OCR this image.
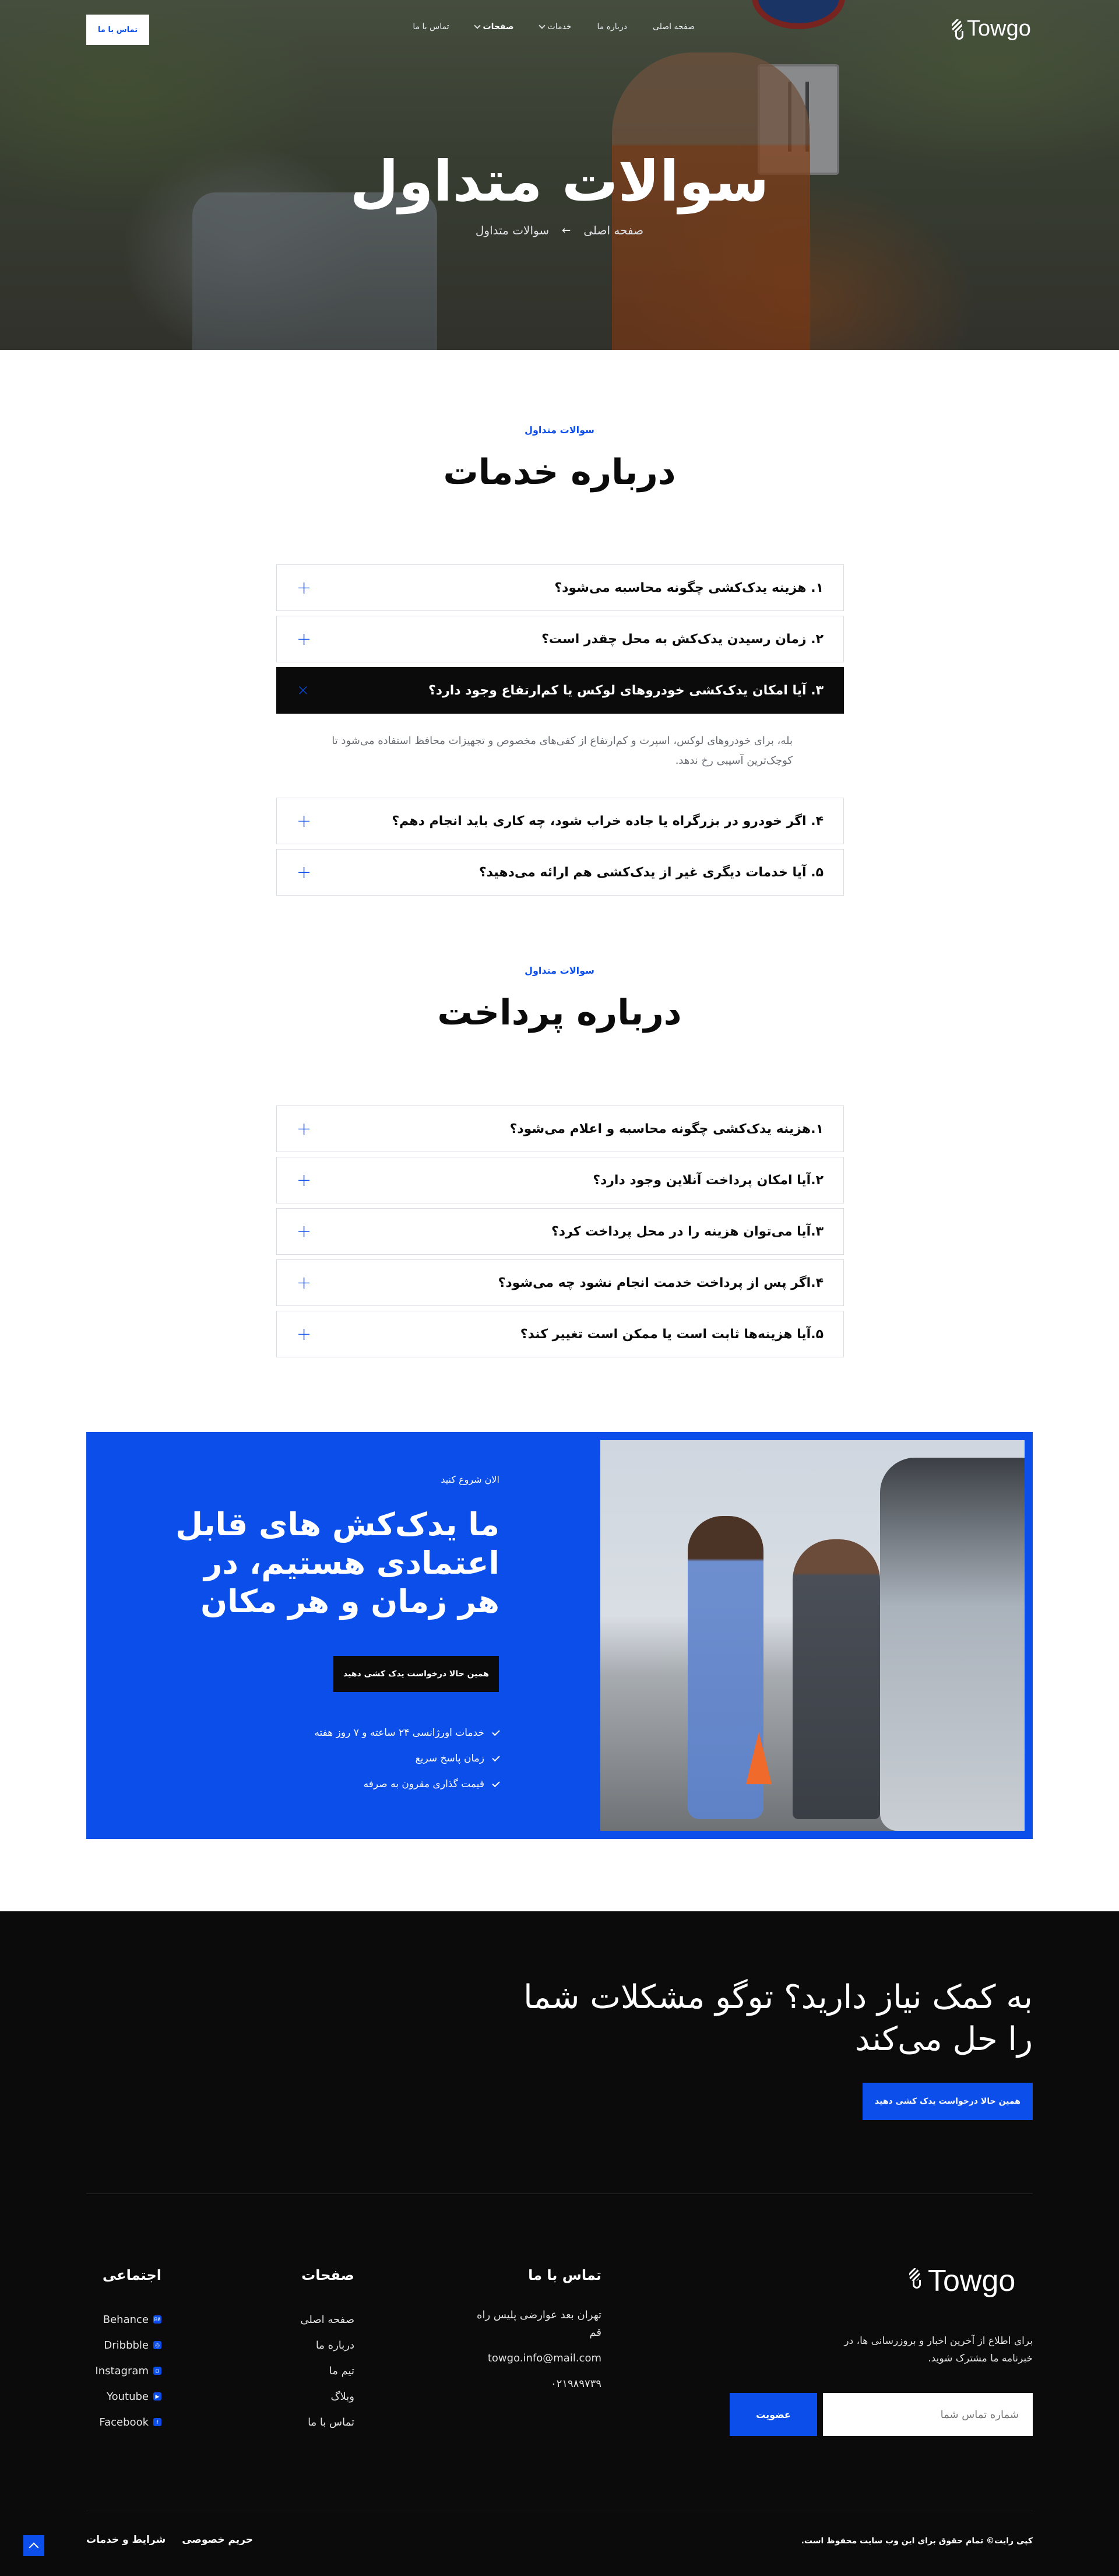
Towgo
صفحه اصلی
درباره ما
خدمات
صفحات
تماس با ما
تماس با ما
سوالات متداول
صفحه اصلی
←
سوالات متداول
سوالات متداول
درباره خدمات
۱. هزینه یدک‌کشی چگونه محاسبه می‌شود؟
+
۲. زمان رسیدن یدک‌کش به محل چقدر است؟
+
۳. آیا امکان یدک‌کشی خودروهای لوکس یا کم‌ارتفاع وجود دارد؟
×
بله، برای خودروهای لوکس، اسپرت و کم‌ارتفاع از کفی‌های مخصوص و تجهیزات محافظ استفاده می‌شود تا کوچک‌ترین آسیبی رخ ندهد.
۴. اگر خودرو در بزرگراه یا جاده خراب شود، چه کاری باید انجام دهم؟
+
۵. آیا خدمات دیگری غیر از یدک‌کشی هم ارائه می‌دهید؟
+
سوالات متداول
درباره پرداخت
۱.هزینه یدک‌کشی چگونه محاسبه و اعلام می‌شود؟
+
۲.آیا امکان پرداخت آنلاین وجود دارد؟
+
۳.آیا می‌توان هزینه را در محل پرداخت کرد؟
+
۴.اگر پس از پرداخت خدمت انجام نشود چه می‌شود؟
+
۵.آیا هزینه‌ها ثابت است یا ممکن است تغییر کند؟
+
الان شروع کنید
ما یدک‌کش های قابل اعتمادی هستیم، در هر زمان و هر مکان
همین حالا درخواست یدک کشی دهید
خدمات اورژانسی ۲۴ ساعته و ۷ روز هفته
زمان پاسخ سریع
قیمت گذاری مقرون به صرفه
به کمک نیاز دارید؟ توگو مشکلات شما را حل می‌کند
همین حالا درخواست یدک کشی دهید
Towgo

برای اطلاع از آخرین اخبار و بروزرسانی ها، در خبرنامه ما مشترک شوید.

شماره تماس شما
عضویت
تماس با ما
تهران بعد عوارضی پلیس راه قم
towgo.info@mail.com
۰۲۱۹۸۹۷۳۹
صفحات
صفحه اصلی
درباره ما
تیم ما
وبلاگ
تماس با ما
اجتماعی
Bē
Behance
◎
Dribbble
◘
Instagram
▶
Youtube
f
Facebook
کپی رایت© تمام حقوق برای این وب سایت محفوظ است.
حریم خصوصی
شرایط و خدمات
